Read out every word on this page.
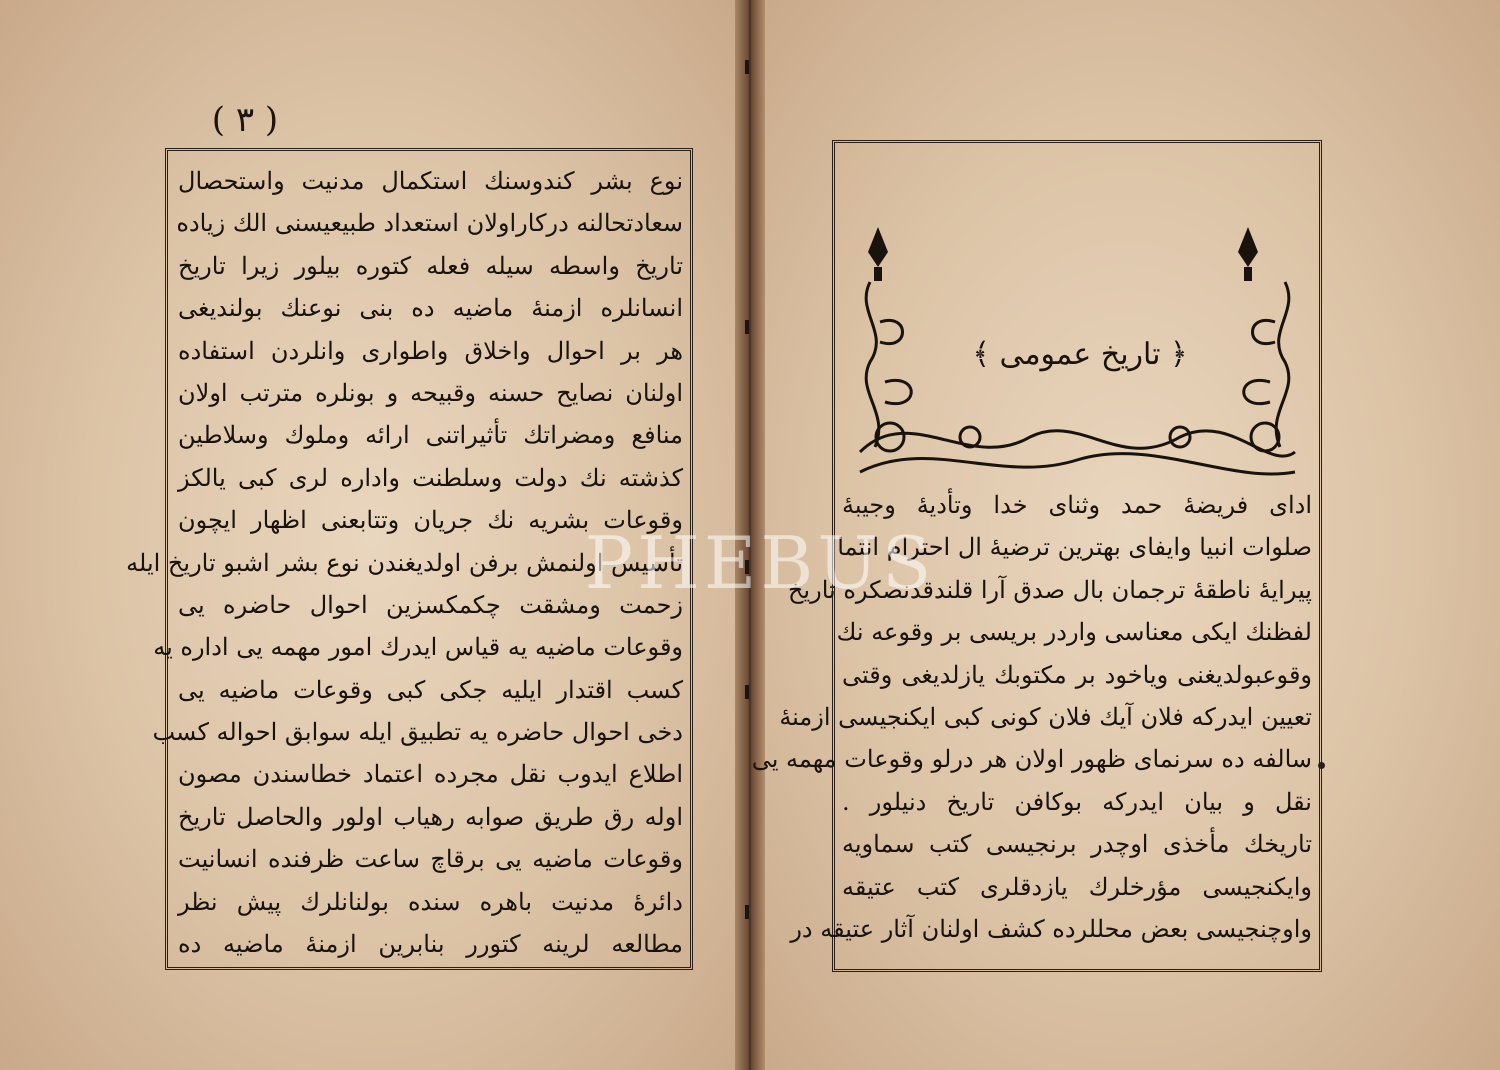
( ٣ )
نوع بشر كندوسنك استكمال مدنيت واستحصال
سعادتحالنه دركاراولان استعداد طبيعيسنى الك زياده
تاريخ واسطه سيله فعله كتوره بيلور زيرا تاريخ
انسانلره ازمنهٔ ماضيه ده بنى نوعنك بولنديغى
هر بر احوال واخلاق واطوارى وانلردن استفاده
اولنان نصايح حسنه وقبيحه و بونلره مترتب اولان
منافع ومضراتك تأثيراتنى ارائه وملوك وسلاطين
كذشته نك دولت وسلطنت واداره لرى كبى يالكز
وقوعات بشريه نك جريان وتتابعنى اظهار ايچون
تأسيس اولنمش برفن اولديغندن نوع بشر اشبو تاريخ ايله
زحمت ومشقت چكمكسزين احوال حاضره يى
وقوعات ماضيه يه قياس ايدرك امور مهمه يى اداره يه
كسب اقتدار ايليه جكى كبى وقوعات ماضيه يى
دخى احوال حاضره يه تطبيق ايله سوابق احواله كسب
اطلاع ايدوب نقل مجرده اعتماد خطاسندن مصون
اوله رق طريق صوابه رهياب اولور والحاصل تاريخ
وقوعات ماضيه يى برقاچ ساعت ظرفنده انسانيت
دائرهٔ مدنيت باهره سنده بولنانلرك پيش نظر
مطالعه لرينه كتورر بنابرين ازمنهٔ ماضيه ده
﴿ تاريخ عمومى ﴾
اداى فريضهٔ حمد وثناى خدا وتأديهٔ وجيبهٔ
صلوات انبيا وايفاى بهترين ترضيهٔ ال احترام انتما
پيرايهٔ ناطقهٔ ترجمان بال صدق آرا قلندقدنصكره تاريخ
لفظنك ايكى معناسى واردر بريسى بر وقوعه نك
وقوعبولديغنى وياخود بر مكتوبك يازلديغى وقتى
تعيين ايدركه فلان آيك فلان كونى كبى ايكنجيسى ازمنهٔ
سالفه ده سرنماى ظهور اولان هر درلو وقوعات مهمه يى
نقل و بيان ايدركه بوكافن تاريخ دنيلور .
تاريخك مأخذى اوچدر برنجيسى كتب سماويه
وايكنجيسى مؤرخلرك يازدقلرى كتب عتيقه
واوچنجيسى بعض محللرده كشف اولنان آثار عتيقه در
PHEBUS
